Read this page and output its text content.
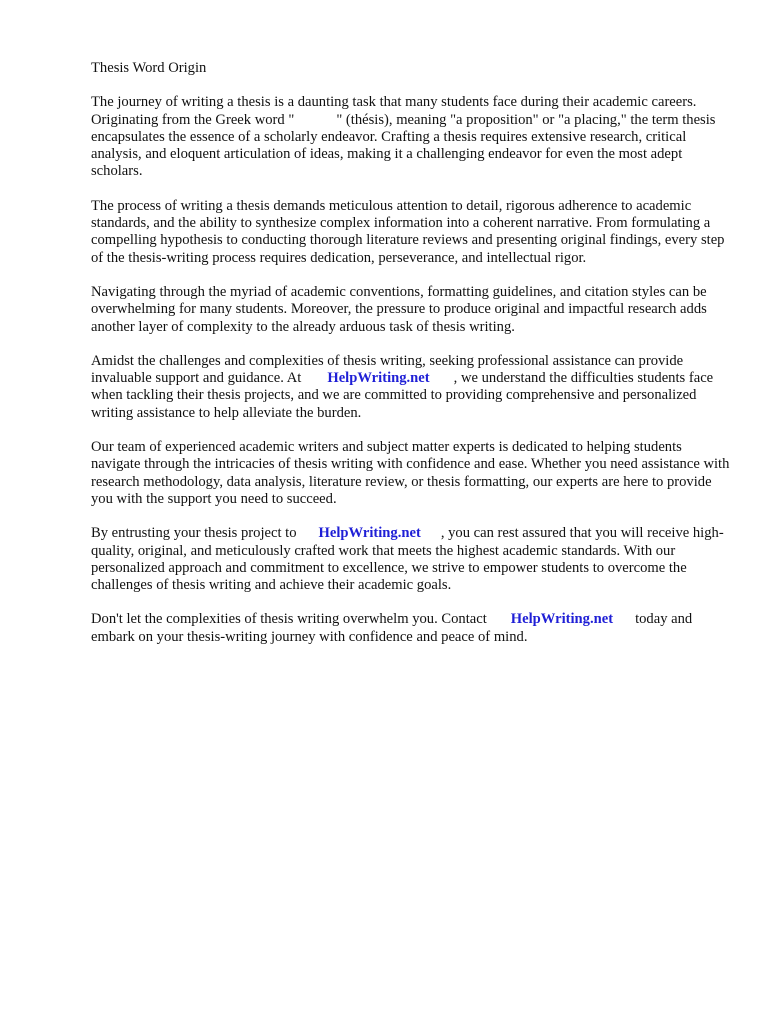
Thesis Word Origin

The journey of writing a thesis is a daunting task that many students face during their academic careers. Originating from the Greek word "	" (thésis), meaning "a proposition" or "a placing," the term thesis encapsulates the essence of a scholarly endeavor. Crafting a thesis requires extensive research, critical analysis, and eloquent articulation of ideas, making it a challenging endeavor for even the most adept scholars.

The process of writing a thesis demands meticulous attention to detail, rigorous adherence to academic standards, and the ability to synthesize complex information into a coherent narrative. From formulating a compelling hypothesis to conducting thorough literature reviews and presenting original findings, every step of the thesis-writing process requires dedication, perseverance, and intellectual rigor.

Navigating through the myriad of academic conventions, formatting guidelines, and citation styles can be overwhelming for many students. Moreover, the pressure to produce original and impactful research adds another layer of complexity to the already arduous task of thesis writing.

Amidst the challenges and complexities of thesis writing, seeking professional assistance can provide invaluable support and guidance. At HelpWriting.net , we understand the difficulties students face when tackling their thesis projects, and we are committed to providing comprehensive and personalized writing assistance to help alleviate the burden.

Our team of experienced academic writers and subject matter experts is dedicated to helping students navigate through the intricacies of thesis writing with confidence and ease. Whether you need assistance with research methodology, data analysis, literature review, or thesis formatting, our experts are here to provide you with the support you need to succeed.

By entrusting your thesis project to HelpWriting.net , you can rest assured that you will receive high-quality, original, and meticulously crafted work that meets the highest academic standards. With our personalized approach and commitment to excellence, we strive to empower students to overcome the challenges of thesis writing and achieve their academic goals.

Don't let the complexities of thesis writing overwhelm you. Contact HelpWriting.net today and embark on your thesis-writing journey with confidence and peace of mind.
